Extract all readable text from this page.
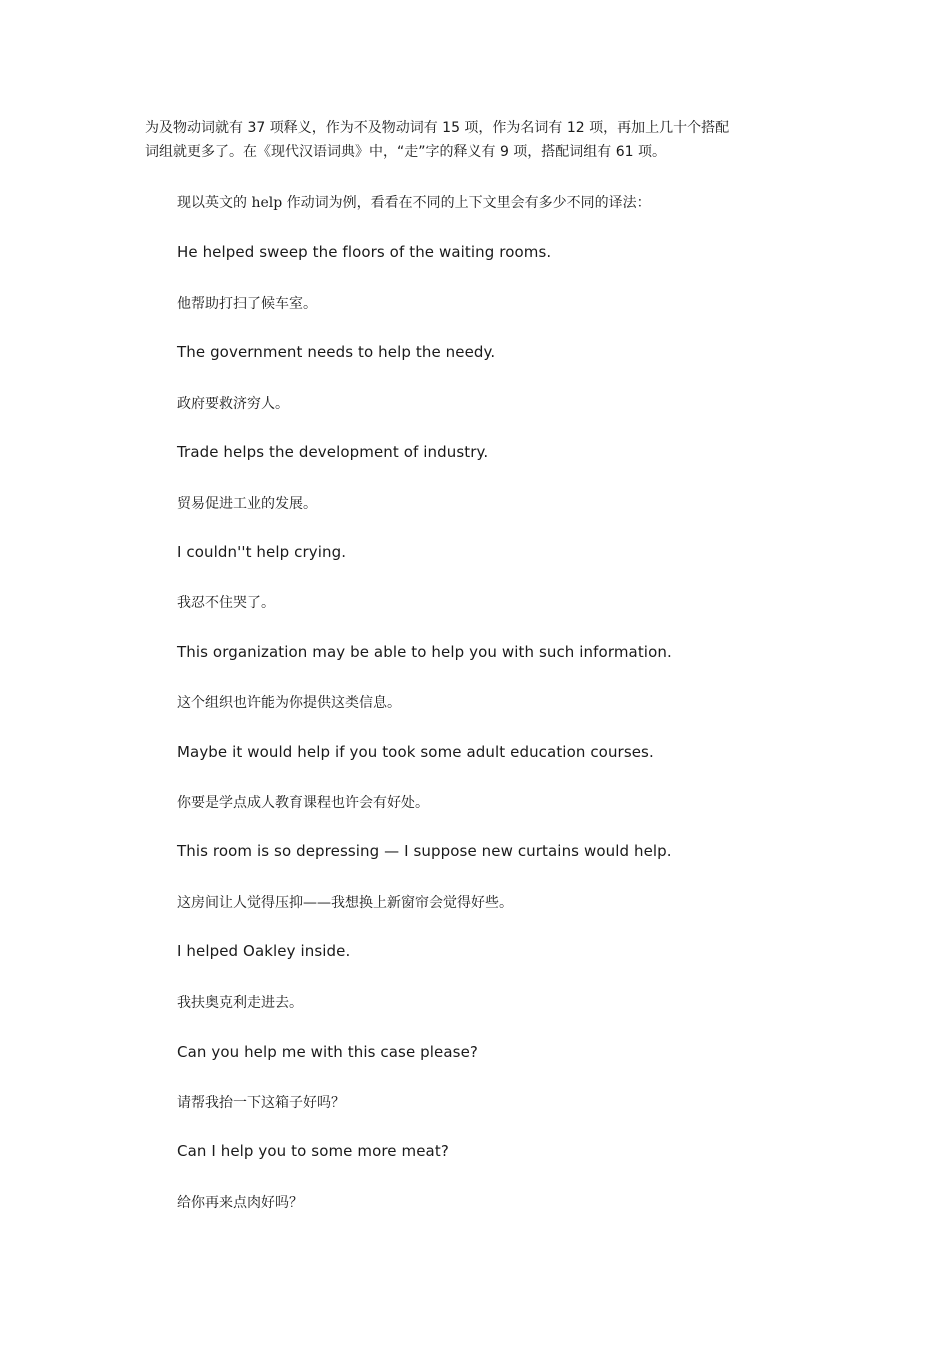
为及物动词就有 37 项释义，作为不及物动词有 15 项，作为名词有 12 项，再加上几十个搭配

词组就更多了。在《现代汉语词典》中，“走”字的释义有 9 项，搭配词组有 61 项。

现以英文的 help 作动词为例，看看在不同的上下文里会有多少不同的译法：

He helped sweep the floors of the waiting rooms.

他帮助打扫了候车室。

The government needs to help the needy.

政府要救济穷人。

Trade helps the development of industry.

贸易促进工业的发展。

I couldn''t help crying.

我忍不住哭了。

This organization may be able to help you with such information.

这个组织也许能为你提供这类信息。

Maybe it would help if you took some adult education courses.

你要是学点成人教育课程也许会有好处。

This room is so depressing — I suppose new curtains would help.

这房间让人觉得压抑——我想换上新窗帘会觉得好些。

I helped Oakley inside.

我扶奥克利走进去。

Can you help me with this case please?

请帮我抬一下这箱子好吗？

Can I help you to some more meat?

给你再来点肉好吗？
